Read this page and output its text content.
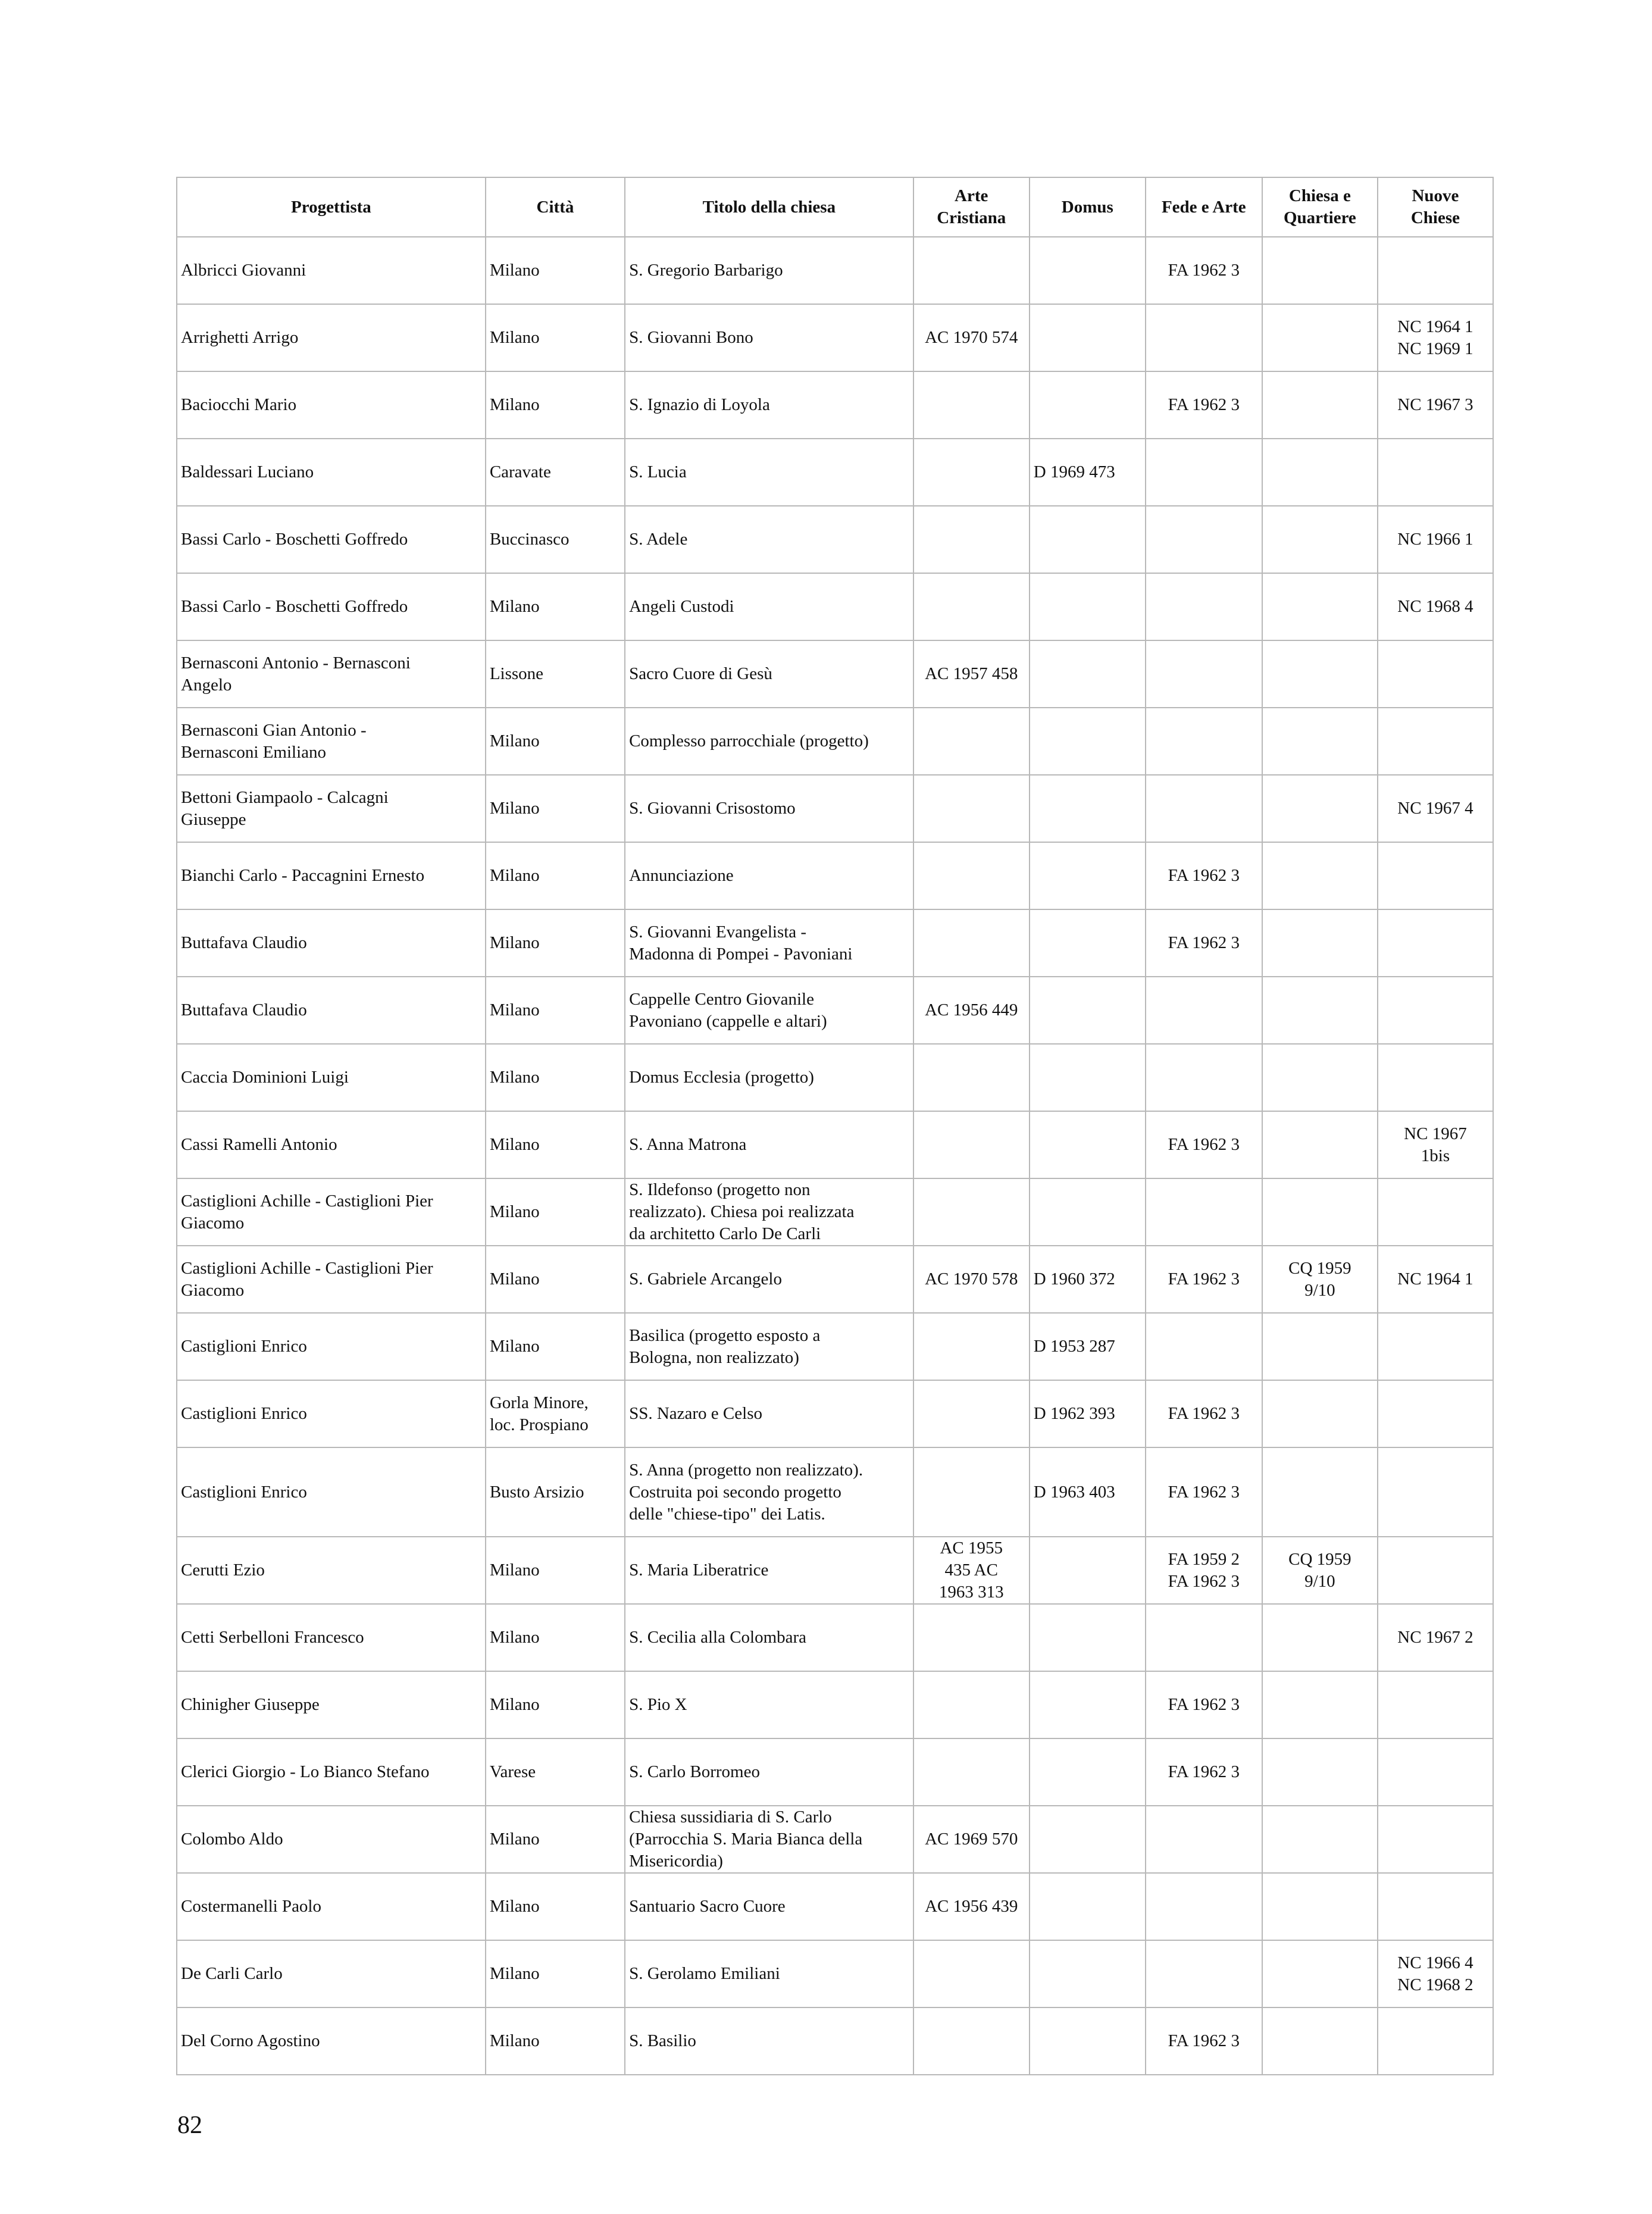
Progettista	Città	Titolo della chiesa	Arte
Cristiana	Domus	Fede e Arte	Chiesa e
Quartiere	Nuove
Chiese

Albricci Giovanni	Milano	S. Gregorio Barbarigo			FA 1962 3		

Arrighetti Arrigo	Milano	S. Giovanni Bono	AC 1970 574				NC 1964 1
NC 1969 1

Baciocchi Mario	Milano	S. Ignazio di Loyola			FA 1962 3		NC 1967 3

Baldessari Luciano	Caravate	S. Lucia		D 1969 473			

Bassi Carlo - Boschetti Goffredo	Buccinasco	S. Adele					NC 1966 1

Bassi Carlo - Boschetti Goffredo	Milano	Angeli Custodi					NC 1968 4

Bernasconi Antonio - Bernasconi
Angelo	Lissone	Sacro Cuore di Gesù	AC 1957 458				

Bernasconi Gian Antonio -
Bernasconi Emiliano	Milano	Complesso parrocchiale (progetto)					

Bettoni Giampaolo - Calcagni
Giuseppe	Milano	S. Giovanni Crisostomo					NC 1967 4

Bianchi Carlo - Paccagnini Ernesto	Milano	Annunciazione			FA 1962 3		

Buttafava Claudio	Milano	S. Giovanni Evangelista -
Madonna di Pompei - Pavoniani			FA 1962 3		

Buttafava Claudio	Milano	Cappelle Centro Giovanile
Pavoniano (cappelle e altari)	AC 1956 449				

Caccia Dominioni Luigi	Milano	Domus Ecclesia (progetto)					

Cassi Ramelli Antonio	Milano	S. Anna Matrona			FA 1962 3		NC 1967
1bis

Castiglioni Achille - Castiglioni Pier
Giacomo	Milano	S. Ildefonso (progetto non
realizzato). Chiesa poi realizzata
da architetto Carlo De Carli					

Castiglioni Achille - Castiglioni Pier
Giacomo	Milano	S. Gabriele Arcangelo	AC 1970 578	D 1960 372	FA 1962 3	CQ 1959
9/10	NC 1964 1

Castiglioni Enrico	Milano	Basilica (progetto esposto a
Bologna, non realizzato)		D 1953 287			

Castiglioni Enrico	Gorla Minore,
loc. Prospiano	SS. Nazaro e Celso		D 1962 393	FA 1962 3		

Castiglioni Enrico	Busto Arsizio	S. Anna (progetto non realizzato).
Costruita poi secondo progetto
delle "chiese-tipo" dei Latis.		D 1963 403	FA 1962 3		

Cerutti Ezio	Milano	S. Maria Liberatrice	AC 1955
435 AC
1963 313		FA 1959 2
FA 1962 3	CQ 1959
9/10	

Cetti Serbelloni Francesco	Milano	S. Cecilia alla Colombara					NC 1967 2

Chinigher Giuseppe	Milano	S. Pio X			FA 1962 3		

Clerici Giorgio - Lo Bianco Stefano	Varese	S. Carlo Borromeo			FA 1962 3		

Colombo Aldo	Milano	Chiesa sussidiaria di S. Carlo
(Parrocchia S. Maria Bianca della
Misericordia)	AC 1969 570				

Costermanelli Paolo	Milano	Santuario Sacro Cuore	AC 1956 439				

De Carli Carlo	Milano	S. Gerolamo Emiliani					NC 1966 4
NC 1968 2

Del Corno Agostino	Milano	S. Basilio			FA 1962 3		

82
